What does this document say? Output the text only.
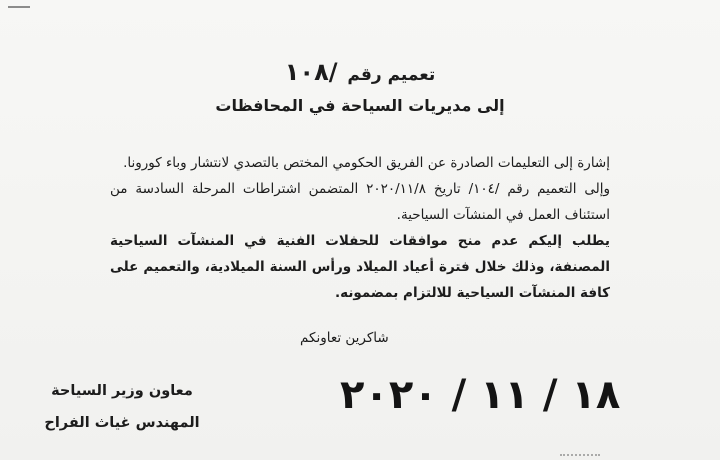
تعميم رقم /١٠٨
إلى مديريات السياحة في المحافظات

إشارة إلى التعليمات الصادرة عن الفريق الحكومي المختص بالتصدي لانتشار وباء كورونا.

وإلى التعميم رقم /١٠٤/ تاريخ ٢٠٢٠/١١/٨ المتضمن اشتراطات المرحلة السادسة من استئناف العمل في المنشآت السياحية.

يطلب إليكم عدم منح موافقات للحفلات الفنية في المنشآت السياحية المصنفة، وذلك خلال فترة أعياد الميلاد ورأس السنة الميلادية، والتعميم على كافة المنشآت السياحية للالتزام بمضمونه.

شاكرين تعاونكم
١٨ / ١١ / ٢٠٢٠
معاون وزير السياحة
المهندس غياث الفراح
